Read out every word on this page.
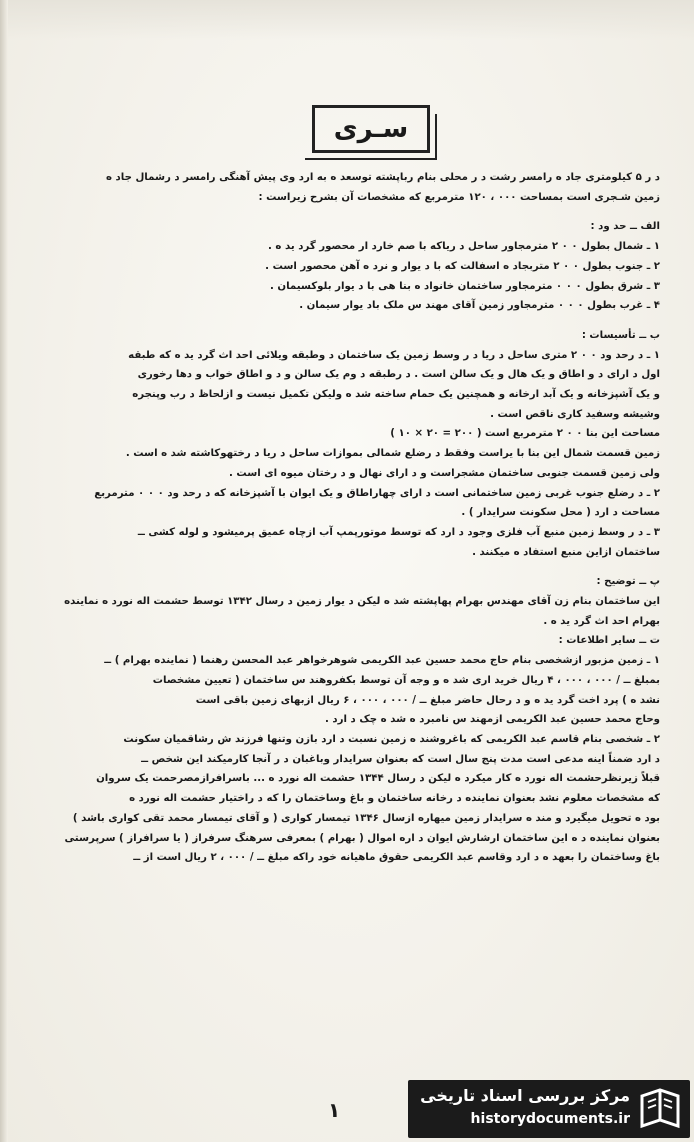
سـری

د ر ۵ کیلومتری جاد ه رامسر رشت د ر محلی بنام رباپشته توسعد ه به ارد وی پیش آهنگی رامسر د رشمال جاد ه

زمین شـجری است بمساحت ۰۰۰ ، ۱۲۰ مترمربع که مشخصات آن بشرح زیراست :

الف ــ حد ود :

۱ ـ شمال بطول ۰ ۰ ۲ مترمجاور ساحل د ریاکه با صم خارد ار محصور گرد ید ه .

۲ ـ جنوب بطول ۰ ۰ ۲ متربجاد ه اسفالت که با د یوار و نرد ه آهن محصور است .

۳ ـ شرق بطول ۰ ۰ ۰ مترمجاور ساختمان خانواد ه بنا هی با د یوار بلوکسیمان .

۴ ـ غرب بطول ۰ ۰ ۰ مترمجاور زمین آقای مهند س ملک باد یوار سیمان .

ب ــ تأسیسات :

۱ ـ د رحد ود ۰ ۰ ۲ متری ساحل د ریا د ر وسط زمین یک ساختمان د وطبقه ویلائی احد اث گرد ید ه که طبقه

اول د ارای د و اطاق و یک هال و یک سالن است . د رطبقه د وم یک سالن و د و اطاق خواب و دها رخوری

و یک آشپزخانه و یک آبد ارخانه و همچنین یک حمام ساخته شد ه ولیکن تکمیل نیست و ازلحاظ د رب وپنجره

وشیشه وسفید کاری ناقص است .

مساحت این بنا ۰ ۰ ۲ مترمربع است ( ۲۰۰ = ۲۰ × ۱۰ )

زمین قسمت شمال این بنا با یراست وفقط د رضلع شمالی بموازات ساحل د ریا د رختهوکاشته شد ه است .

ولی زمین قسمت جنوبی ساختمان مشجراست و د ارای نهال و د رختان میوه ای است .

۲ ـ د رضلع جنوب غربی زمین ساختمانی است د ارای چهاراطاق و یک ایوان با آشپزخانه که د رحد ود ۰ ۰ ۰ مترمربع

مساحت د ارد ( محل سکونت سرایدار ) .

۳ ـ د ر وسط زمین منبع آب فلزی وجود د ارد که توسط موتورپمپ آب ازچاه عمیق پرمیشود و لوله کشی ــ

ساختمان ازاین منبع استفاد ه میکنند .

پ ــ توضیح :

این ساختمان بنام زن آقای مهندس بهرام پهاپشته شد ه لیکن د یوار زمین د رسال ۱۳۴۲ توسط حشمت اله نورد ه نماینده

بهرام احد اث گرد ید ه .

ت ــ سایر اطلاعات :

۱ ـ زمین مزبور ازشخصی بنام حاج محمد حسین عبد الکریمی شوهرخواهر عبد المحسن رهنما ( نماینده بهرام ) ــ

بمبلغ ــ / ۰۰۰ ، ۰۰۰ ، ۴ ریال خرید اری شد ه و وجه آن توسط بکفروهند س ساختمان ( تعیین مشخصات

نشد ه ) پرد اخت گرد ید ه و د رحال حاضر مبلغ ــ / ۰۰۰ ، ۰۰۰ ، ۶ ریال ازبهای زمین باقی است

وحاج محمد حسین عبد الکریمی ازمهند س نامبرد ه شد ه چک د ارد .

۲ ـ شخصی بنام قاسم عبد الکریمی که باغروشند ه زمین نسبت د ارد بازن وتنها فرزند ش رشاقمیان سکونت

د ارد ضمناً اینه مدعی است مدت پنج سال است که بعنوان سرایدار وباغبان د ر آنجا کارمیکند این شخص ــ

قبلاً زیرنظرحشمت اله نورد ه کار میکرد ه لیکن د رسال ۱۳۴۴ حشمت اله نورد ه ... باسرافرازمصرحمت یک سروان

که مشخصات معلوم نشد بعنوان نماینده د رخانه ساختمان و باغ وساختمان را که د راختیار حشمت اله نورد ه

بود ه تحویل میگیرد و مند ه سرایدار زمین میهاره ازسال ۱۳۴۶ تیمسار کواری ( و آقای تیمسار محمد تقی کواری باشد )

بعنوان نماینده د ه این ساختمان ارشارش ایوان د اره اموال ( بهرام ) بمعرفی سرهنگ سرفراز ( یا سرافراز ) سرپرستی

باغ وساختمان را بعهد ه د ارد وقاسم عبد الکریمی حقوق ماهیانه خود راکه مبلغ ــ / ۰۰۰ ، ۲ ریال است از ــ

۱
مرکز بررسی اسناد تاریخی
historydocuments.ir
